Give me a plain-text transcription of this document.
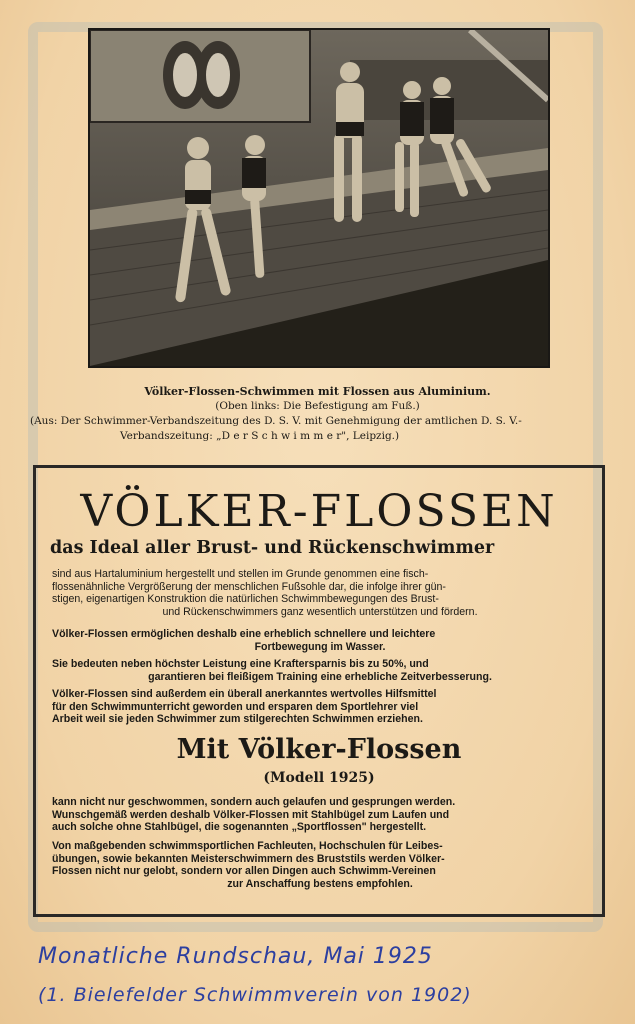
Völker-Flossen-Schwimmen mit Flossen aus Aluminium.
(Oben links: Die Befestigung am Fuß.)
(Aus: Der Schwimmer-Verbandszeitung des D. S. V. mit Genehmigung der amtlichen D. S. V.-
Verbandszeitung: „D e r S c h w i m m e r", Leipzig.)
VÖLKER-FLOSSEN
das Ideal aller Brust- und Rückenschwimmer
sind aus Hartaluminium hergestellt und stellen im Grunde genommen eine fisch-
flossenähnliche Vergrößerung der menschlichen Fußsohle dar, die infolge ihrer gün-
stigen, eigenartigen Konstruktion die natürlichen Schwimmbewegungen des Brust-
und Rückenschwimmers ganz wesentlich unterstützen und fördern.
Völker-Flossen ermöglichen deshalb eine erheblich schnellere und leichtere
Fortbewegung im Wasser.
Sie bedeuten neben höchster Leistung eine Kraftersparnis bis zu 50%, und
garantieren bei fleißigem Training eine erhebliche Zeitverbesserung.
Völker-Flossen sind außerdem ein überall anerkanntes wertvolles Hilfsmittel
für den Schwimmunterricht geworden und ersparen dem Sportlehrer viel
Arbeit weil sie jeden Schwimmer zum stilgerechten Schwimmen erziehen.
Mit Völker-Flossen
(Modell 1925)
kann nicht nur geschwommen, sondern auch gelaufen und gesprungen werden.
Wunschgemäß werden deshalb Völker-Flossen mit Stahlbügel zum Laufen und
auch solche ohne Stahlbügel, die sogenannten „Sportflossen" hergestellt.
Von maßgebenden schwimmsportlichen Fachleuten, Hochschulen für Leibes-
übungen, sowie bekannten Meisterschwimmern des Bruststils werden Völker-
Flossen nicht nur gelobt, sondern vor allen Dingen auch Schwimm-Vereinen
zur Anschaffung bestens empfohlen.
Monatliche Rundschau, Mai 1925
(1. Bielefelder Schwimmverein von 1902)
